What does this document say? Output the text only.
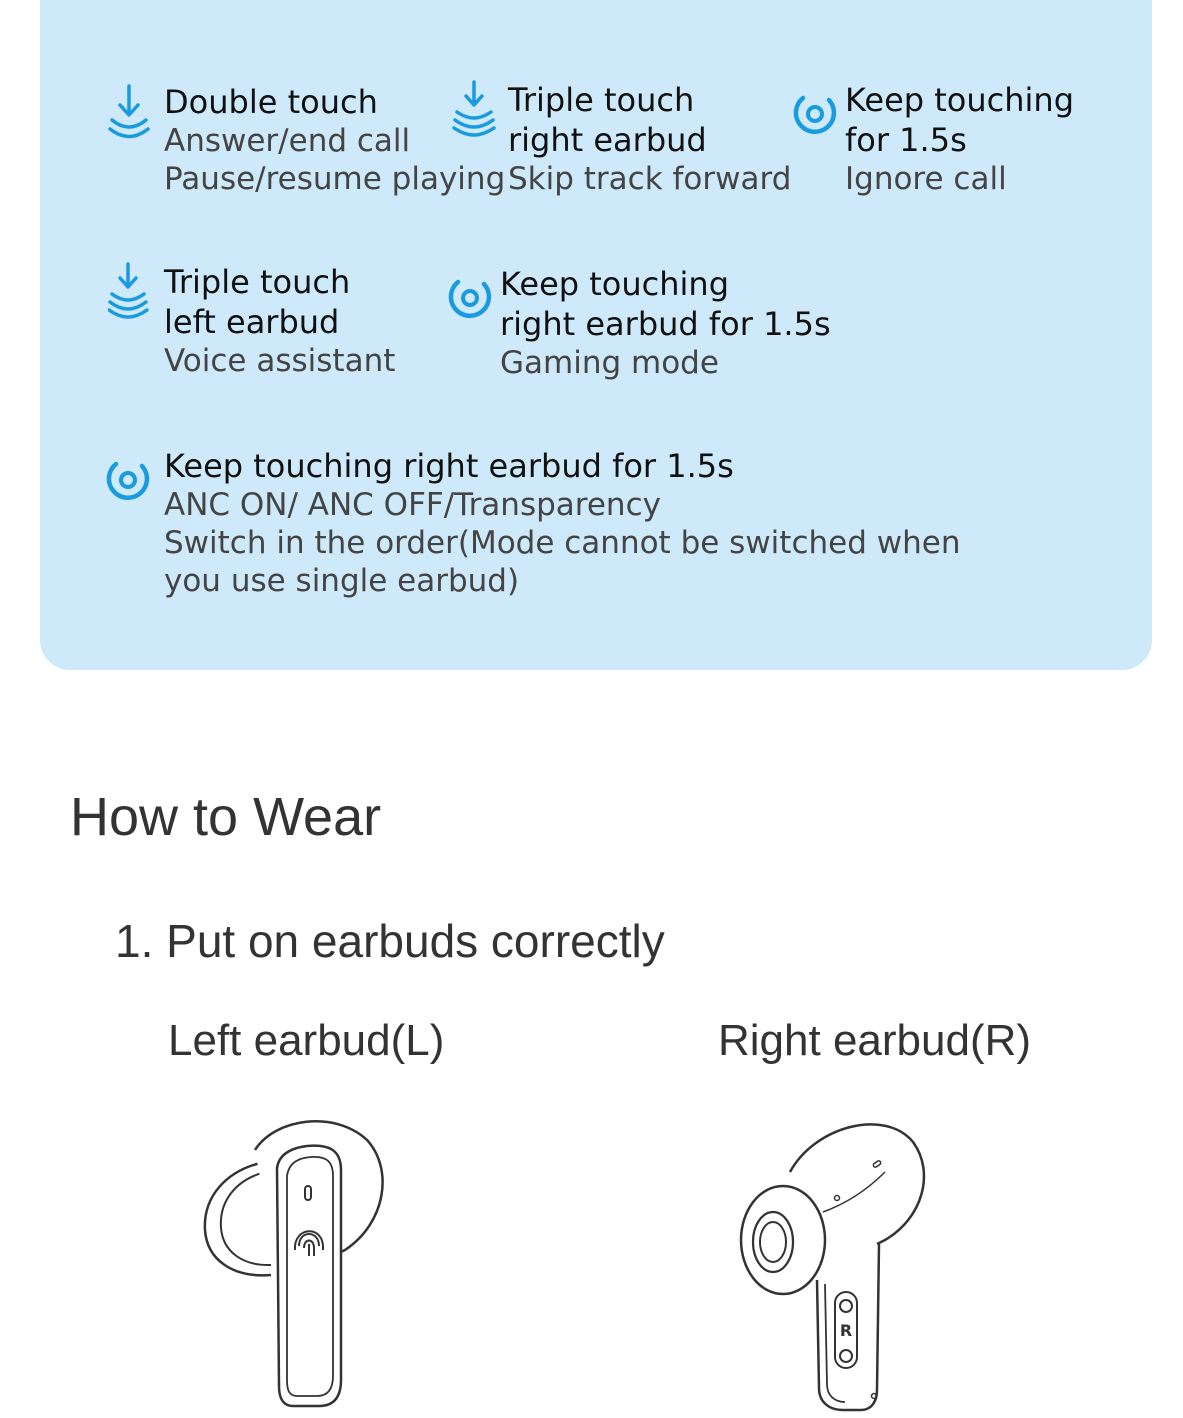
Double touch
Answer/end call
Pause/resume playing
Triple touch
right earbud
Skip track forward
Keep touching
for 1.5s
Ignore call
Triple touch
left earbud
Voice assistant
Keep touching
right earbud for 1.5s
Gaming mode
Keep touching right earbud for 1.5s
ANC ON/ ANC OFF/Transparency
Switch in the order(Mode cannot be switched when
you use single earbud)
How to Wear
1. Put on earbuds correctly
Left earbud(L)	Right earbud(R)
R
